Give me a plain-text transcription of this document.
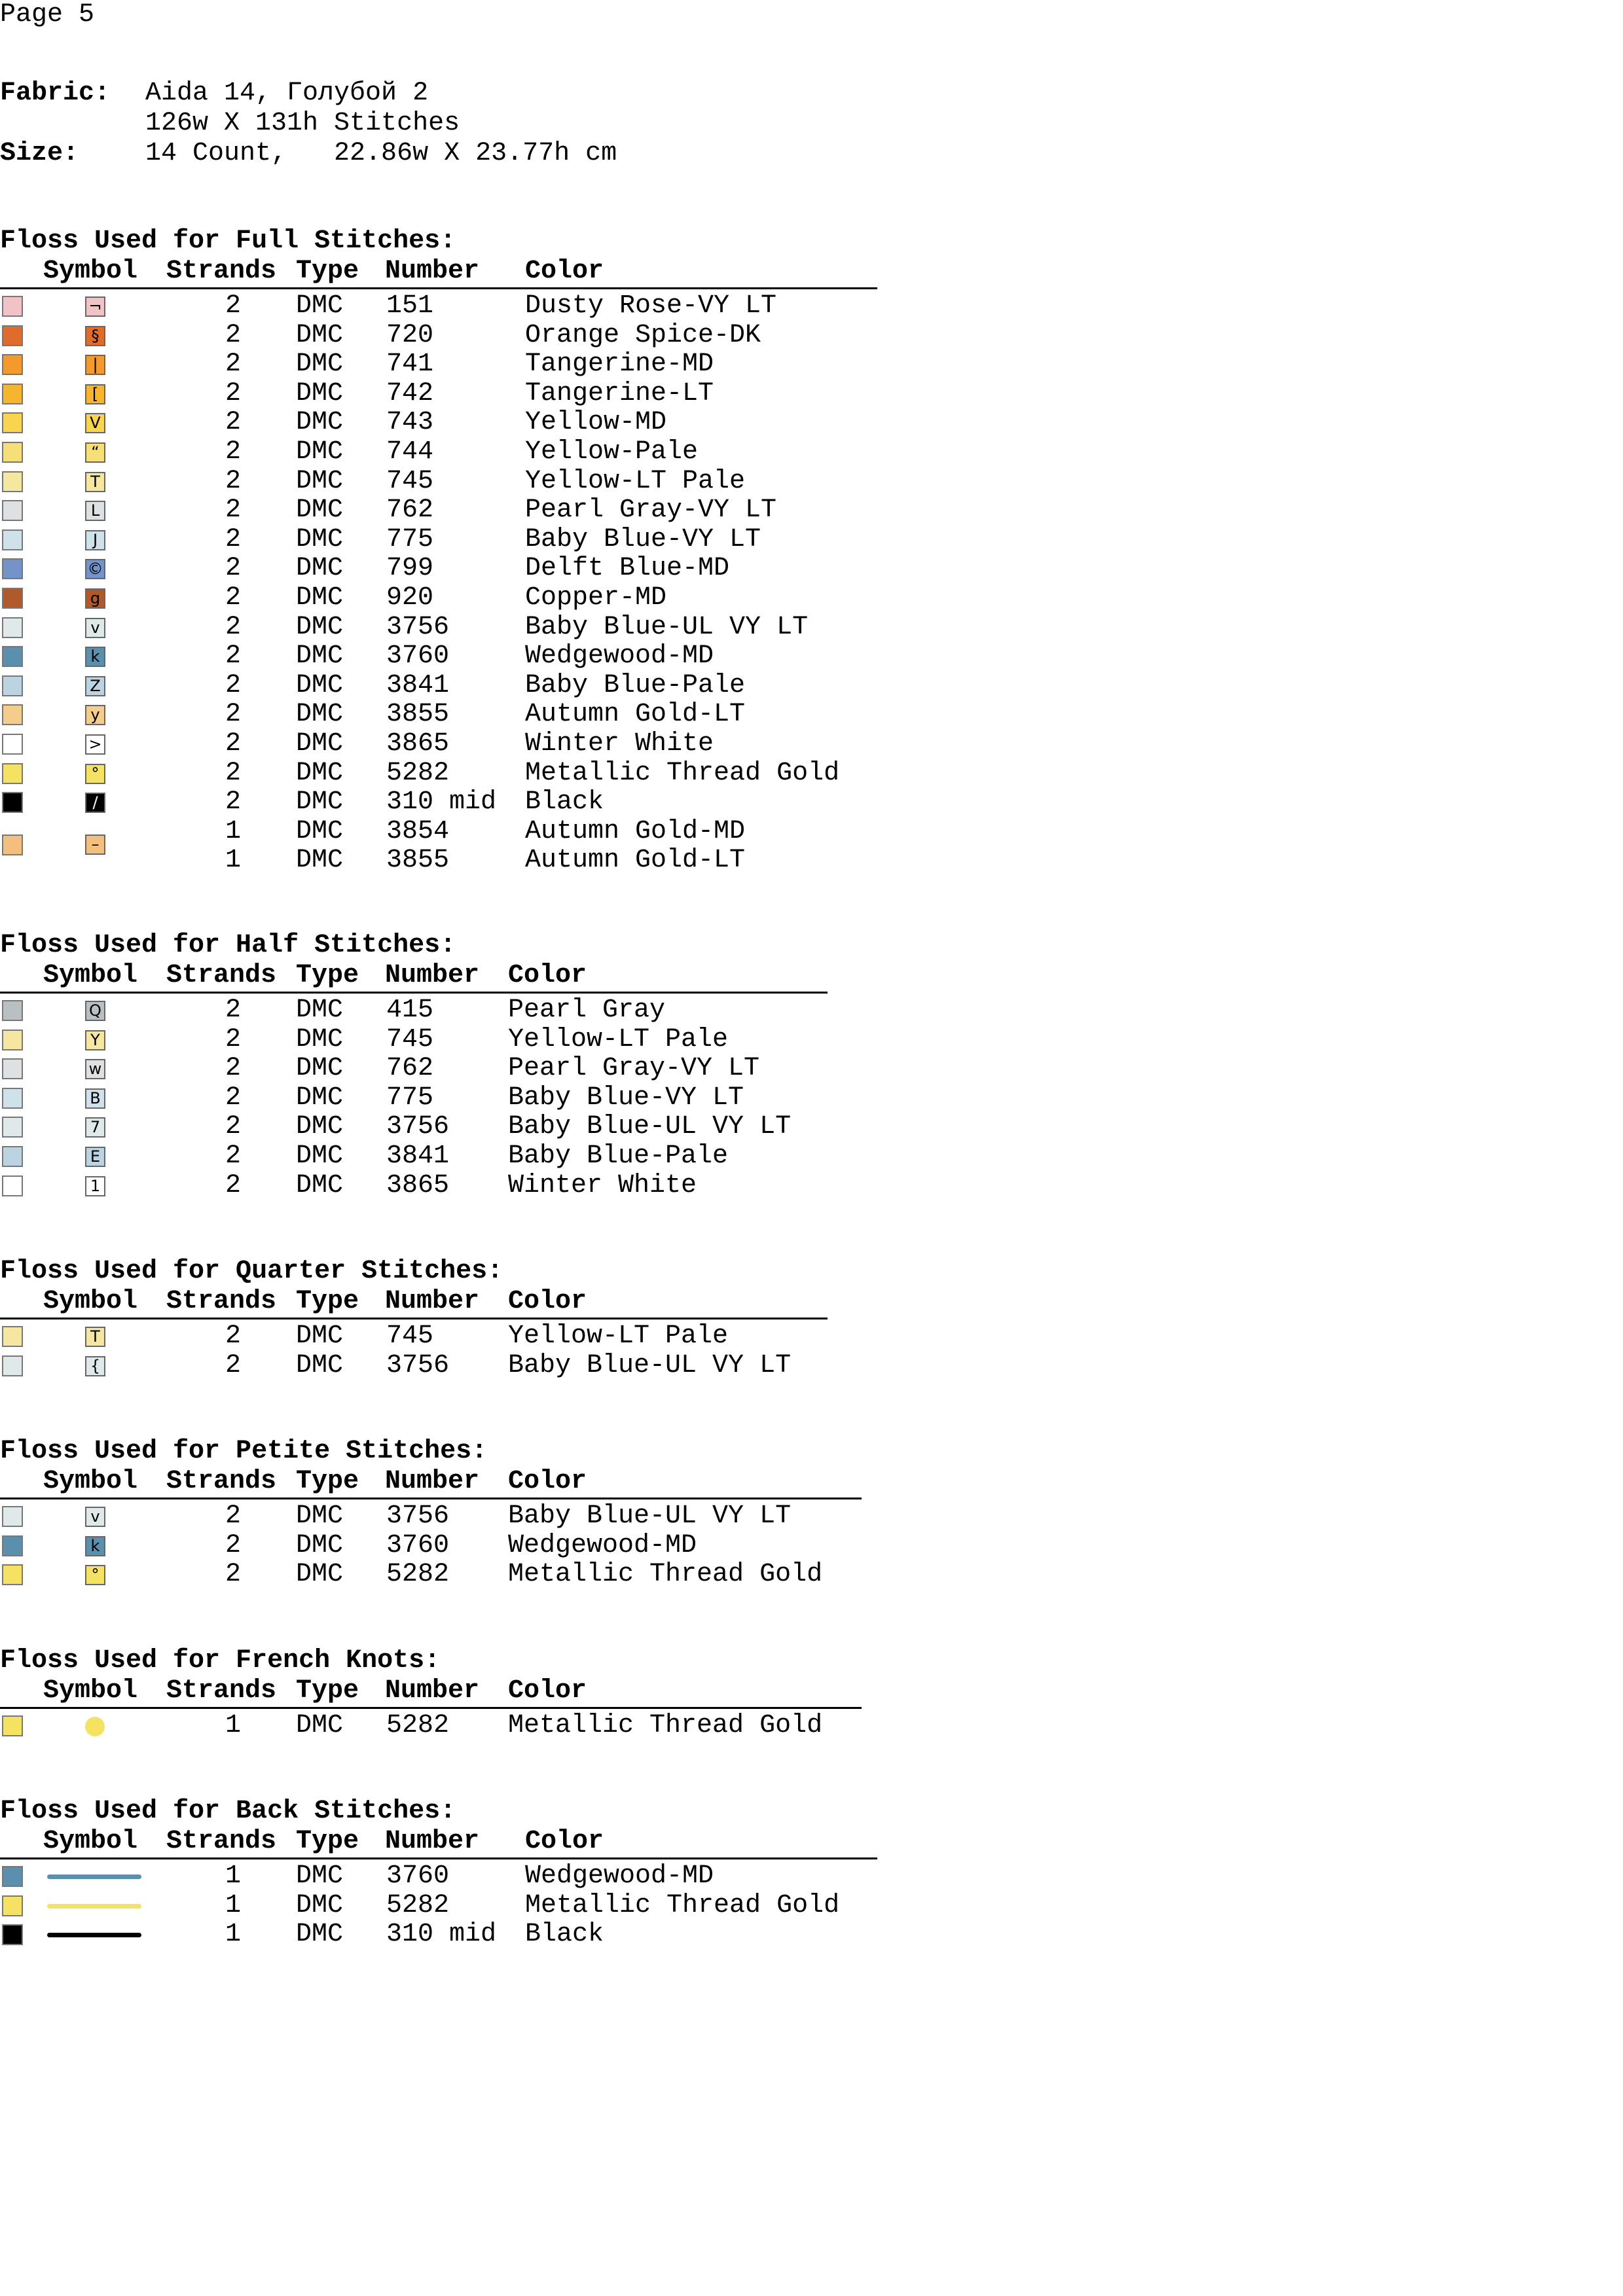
Page 5
Fabric: Aida 14, Голубой 2
126w X 131h Stitches
Size:	14 Count,   22.86w X 23.77h cm
Floss Used for Full Stitches:
Symbol Strands Type Number Color
¬	2 DMC 151	Dusty Rose-VY LT
§	2 DMC 720	Orange Spice-DK
|	2 DMC 741	Tangerine-MD
[	2 DMC 742	Tangerine-LT
V	2 DMC 743	Yellow-MD
“	2 DMC 744	Yellow-Pale
T	2 DMC 745	Yellow-LT Pale
L	2 DMC 762	Pearl Gray-VY LT
J	2 DMC 775	Baby Blue-VY LT
©	2 DMC 799	Delft Blue-MD
g	2 DMC 920	Copper-MD
v	2 DMC 3756	Baby Blue-UL VY LT
k	2 DMC 3760	Wedgewood-MD
Z	2 DMC 3841	Baby Blue-Pale
y	2 DMC 3855	Autumn Gold-LT
>	2 DMC 3865	Winter White
°	2 DMC 5282	Metallic Thread Gold
/	2 DMC 310 mid Black
–	1 DMC 3854	Autumn Gold-MD
1 DMC 3855	Autumn Gold-LT
Floss Used for Half Stitches:
Symbol Strands Type Number Color
Q	2 DMC 415	Pearl Gray
Y	2 DMC 745	Yellow-LT Pale
w	2 DMC 762	Pearl Gray-VY LT
B	2 DMC 775	Baby Blue-VY LT
7	2 DMC 3756 Baby Blue-UL VY LT
E	2 DMC 3841 Baby Blue-Pale
1	2 DMC 3865 Winter White
Floss Used for Quarter Stitches:
Symbol Strands Type Number Color
T	2 DMC 745	Yellow-LT Pale
{	2 DMC 3756 Baby Blue-UL VY LT
Floss Used for Petite Stitches:
Symbol Strands Type Number Color
v	2 DMC 3756 Baby Blue-UL VY LT
k	2 DMC 3760 Wedgewood-MD
°	2 DMC 5282 Metallic Thread Gold
Floss Used for French Knots:
Symbol Strands Type Number Color
1 DMC 5282 Metallic Thread Gold
Floss Used for Back Stitches:
Symbol Strands Type Number Color
1 DMC 3760	Wedgewood-MD
1 DMC 5282	Metallic Thread Gold
1 DMC 310 mid Black
